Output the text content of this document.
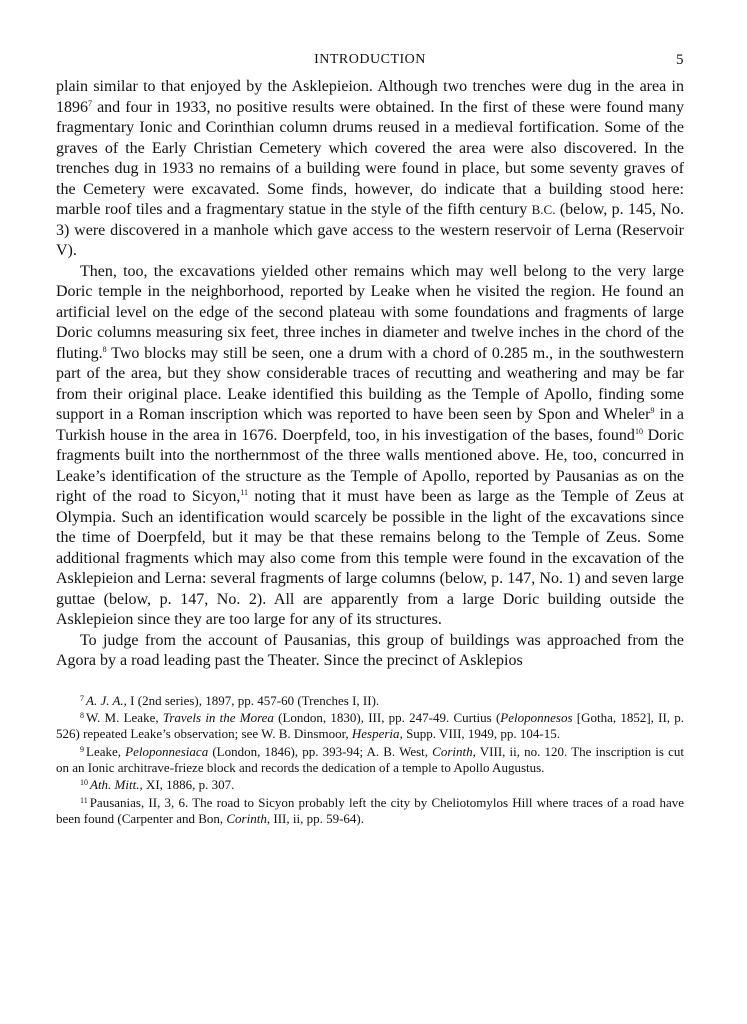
INTRODUCTION	5

plain similar to that enjoyed by the Asklepieion. Although two trenches were dug in the area in 1896$^7$ and four in 1933, no positive results were obtained. In the first of these were found many fragmentary Ionic and Corinthian column drums reused in a medieval fortification. Some of the graves of the Early Christian Cemetery which covered the area were also discovered. In the trenches dug in 1933 no remains of a building were found in place, but some seventy graves of the Cemetery were excavated. Some finds, however, do indicate that a building stood here: marble roof tiles and a fragmentary statue in the style of the fifth century B.C. (below, p. 145, No. 3) were discovered in a manhole which gave access to the western reservoir of Lerna (Reservoir V).

Then, too, the excavations yielded other remains which may well belong to the very large Doric temple in the neighborhood, reported by Leake when he visited the region. He found an artificial level on the edge of the second plateau with some foundations and fragments of large Doric columns measuring six feet, three inches in diameter and twelve inches in the chord of the fluting.$^8$ Two blocks may still be seen, one a drum with a chord of 0.285 m., in the southwestern part of the area, but they show considerable traces of recutting and weathering and may be far from their original place. Leake identified this building as the Temple of Apollo, finding some support in a Roman inscription which was reported to have been seen by Spon and Wheler$^9$ in a Turkish house in the area in 1676. Doerpfeld, too, in his investigation of the bases, found$^{10}$ Doric fragments built into the northernmost of the three walls mentioned above. He, too, concurred in Leake’s identification of the structure as the Temple of Apollo, reported by Pausanias as on the right of the road to Sicyon,$^{11}$ noting that it must have been as large as the Temple of Zeus at Olympia. Such an identification would scarcely be possible in the light of the excavations since the time of Doerpfeld, but it may be that these remains belong to the Temple of Zeus. Some additional fragments which may also come from this temple were found in the excavation of the Asklepieion and Lerna: several fragments of large columns (below, p. 147, No. 1) and seven large guttae (below, p. 147, No. 2). All are apparently from a large Doric building outside the Asklepieion since they are too large for any of its structures.

To judge from the account of Pausanias, this group of buildings was approached from the Agora by a road leading past the Theater. Since the precinct of Asklepios

$^7$ A. J. A., I (2nd series), 1897, pp. 457-60 (Trenches I, II).

$^8$ W. M. Leake, Travels in the Morea (London, 1830), III, pp. 247-49. Curtius (Peloponnesos [Gotha, 1852], II, p. 526) repeated Leake’s observation; see W. B. Dinsmoor, Hesperia, Supp. VIII, 1949, pp. 104-15.

$^9$ Leake, Peloponnesiaca (London, 1846), pp. 393-94; A. B. West, Corinth, VIII, ii, no. 120. The inscription is cut on an Ionic architrave-frieze block and records the dedication of a temple to Apollo Augustus.

$^{10}$ Ath. Mitt., XI, 1886, p. 307.

$^{11}$ Pausanias, II, 3, 6. The road to Sicyon probably left the city by Cheliotomylos Hill where traces of a road have been found (Carpenter and Bon, Corinth, III, ii, pp. 59-64).
